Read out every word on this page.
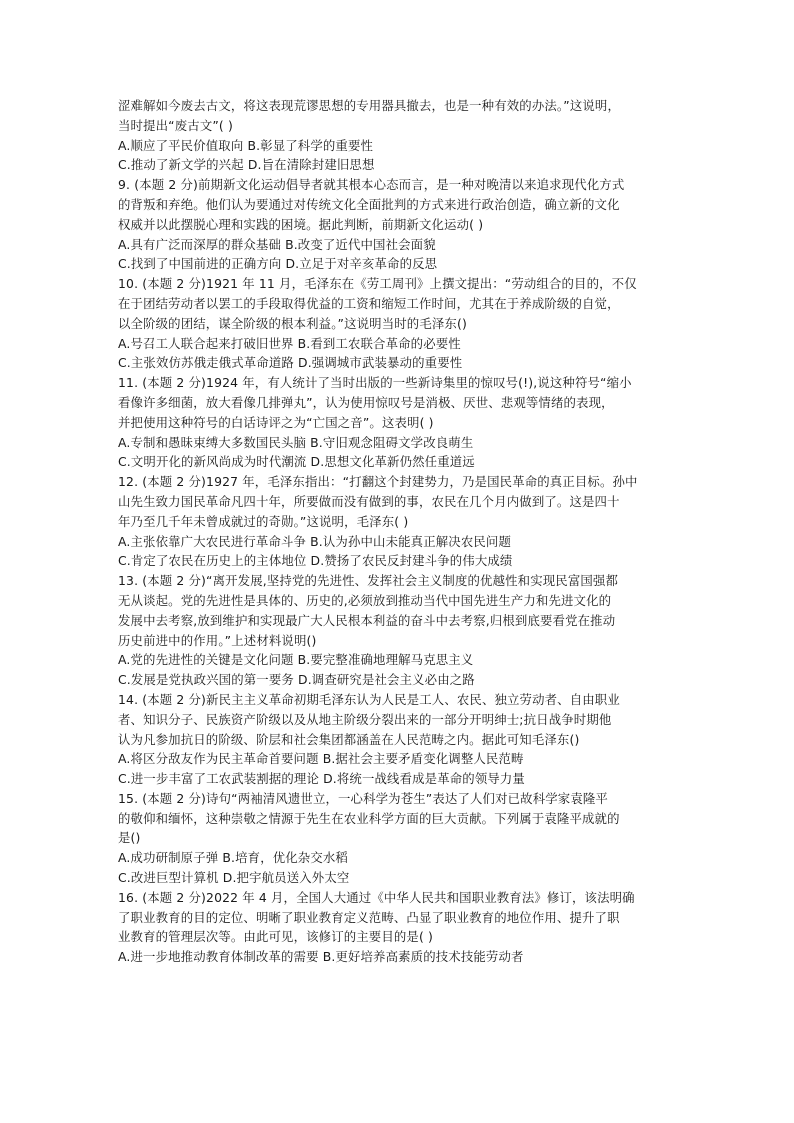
涩难解如今废去古文，将这表现荒谬思想的专用器具撤去，也是一种有效的办法。”这说明，
当时提出“废古文”( )
A.顺应了平民价值取向 B.彰显了科学的重要性
C.推动了新文学的兴起 D.旨在清除封建旧思想
9. (本题 2 分)前期新文化运动倡导者就其根本心态而言，是一种对晚清以来追求现代化方式
的背叛和弃绝。他们认为要通过对传统文化全面批判的方式来进行政治创造，确立新的文化
权威并以此摆脱心理和实践的困境。据此判断，前期新文化运动( )
A.具有广泛而深厚的群众基础 B.改变了近代中国社会面貌
C.找到了中国前进的正确方向 D.立足于对辛亥革命的反思
10. (本题 2 分)1921 年 11 月，毛泽东在《劳工周刊》上撰文提出：“劳动组合的目的，不仅
在于团结劳动者以罢工的手段取得优益的工资和缩短工作时间，尤其在于养成阶级的自觉，
以全阶级的团结，谋全阶级的根本利益。”这说明当时的毛泽东()
A.号召工人联合起来打破旧世界 B.看到工农联合革命的必要性
C.主张效仿苏俄走俄式革命道路 D.强调城市武装暴动的重要性
11. (本题 2 分)1924 年，有人统计了当时出版的一些新诗集里的惊叹号(!),说这种符号“缩小
看像许多细菌，放大看像几排弹丸”，认为使用惊叹号是消极、厌世、悲观等情绪的表现，
并把使用这种符号的白话诗评之为“亡国之音”。这表明( )
A.专制和愚昧束缚大多数国民头脑 B.守旧观念阻碍文学改良萌生
C.文明开化的新风尚成为时代潮流 D.思想文化革新仍然任重道远
12. (本题 2 分)1927 年，毛泽东指出：“打翻这个封建势力，乃是国民革命的真正目标。孙中
山先生致力国民革命凡四十年，所要做而没有做到的事，农民在几个月内做到了。这是四十
年乃至几千年未曾成就过的奇勋。”这说明，毛泽东( )
A.主张依靠广大农民进行革命斗争 B.认为孙中山未能真正解决农民问题
C.肯定了农民在历史上的主体地位 D.赞扬了农民反封建斗争的伟大成绩
13. (本题 2 分)“离开发展,坚持党的先进性、发挥社会主义制度的优越性和实现民富国强都
无从谈起。党的先进性是具体的、历史的,必须放到推动当代中国先进生产力和先进文化的
发展中去考察,放到维护和实现最广大人民根本利益的奋斗中去考察,归根到底要看党在推动
历史前进中的作用。”上述材料说明()
A.党的先进性的关键是文化问题 B.要完整准确地理解马克思主义
C.发展是党执政兴国的第一要务 D.调查研究是社会主义必由之路
14. (本题 2 分)新民主主义革命初期毛泽东认为人民是工人、农民、独立劳动者、自由职业
者、知识分子、民族资产阶级以及从地主阶级分裂出来的一部分开明绅士;抗日战争时期他
认为凡参加抗日的阶级、阶层和社会集团都涵盖在人民范畴之内。据此可知毛泽东()
A.将区分敌友作为民主革命首要问题 B.据社会主要矛盾变化调整人民范畴
C.进一步丰富了工农武装割据的理论 D.将统一战线看成是革命的领导力量
15. (本题 2 分)诗句“两袖清风遗世立，一心科学为苍生”表达了人们对已故科学家袁隆平
的敬仰和缅怀，这种崇敬之情源于先生在农业科学方面的巨大贡献。下列属于袁隆平成就的
是()
A.成功研制原子弹 B.培育，优化杂交水稻
C.改进巨型计算机 D.把宇航员送入外太空
16. (本题 2 分)2022 年 4 月，全国人大通过《中华人民共和国职业教育法》修订，该法明确
了职业教育的目的定位、明晰了职业教育定义范畴、凸显了职业教育的地位作用、提升了职
业教育的管理层次等。由此可见，该修订的主要目的是( )
A.进一步地推动教育体制改革的需要 B.更好培养高素质的技术技能劳动者
